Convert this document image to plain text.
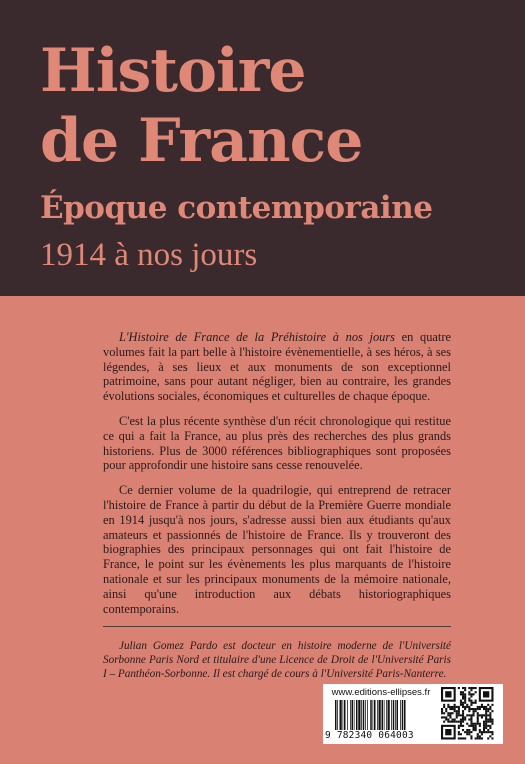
Histoire
de France
Époque contemporaine
1914 à nos jours

L'Histoire de France de la Préhistoire à nos jours en quatre volumes fait la part belle à l'histoire évènementielle, à ses héros, à ses légendes, à ses lieux et aux monuments de son exceptionnel patrimoine, sans pour autant négliger, bien au contraire, les grandes évolutions sociales, économiques et culturelles de chaque époque.

C'est la plus récente synthèse d'un récit chronologique qui restitue ce qui a fait la France, au plus près des recherches des plus grands historiens. Plus de 3000 références bibliographiques sont proposées pour approfondir une histoire sans cesse renouvelée.

Ce dernier volume de la quadrilogie, qui entreprend de retracer l'histoire de France à partir du début de la Première Guerre mondiale en 1914 jusqu'à nos jours, s'adresse aussi bien aux étudiants qu'aux amateurs et passionnés de l'histoire de France. Ils y trouveront des biographies des principaux personnages qui ont fait l'histoire de France, le point sur les évènements les plus marquants de l'histoire nationale et sur les principaux monuments de la mémoire nationale, ainsi qu'une introduction aux débats historiographiques contemporains.

Julian Gomez Pardo est docteur en histoire moderne de l'Université Sorbonne Paris Nord et titulaire d'une Licence de Droit de l'Université Paris I – Panthéon-Sorbonne. Il est chargé de cours à l'Université Paris-Nanterre.

www.editions-ellipses.fr
9 782340 064003
